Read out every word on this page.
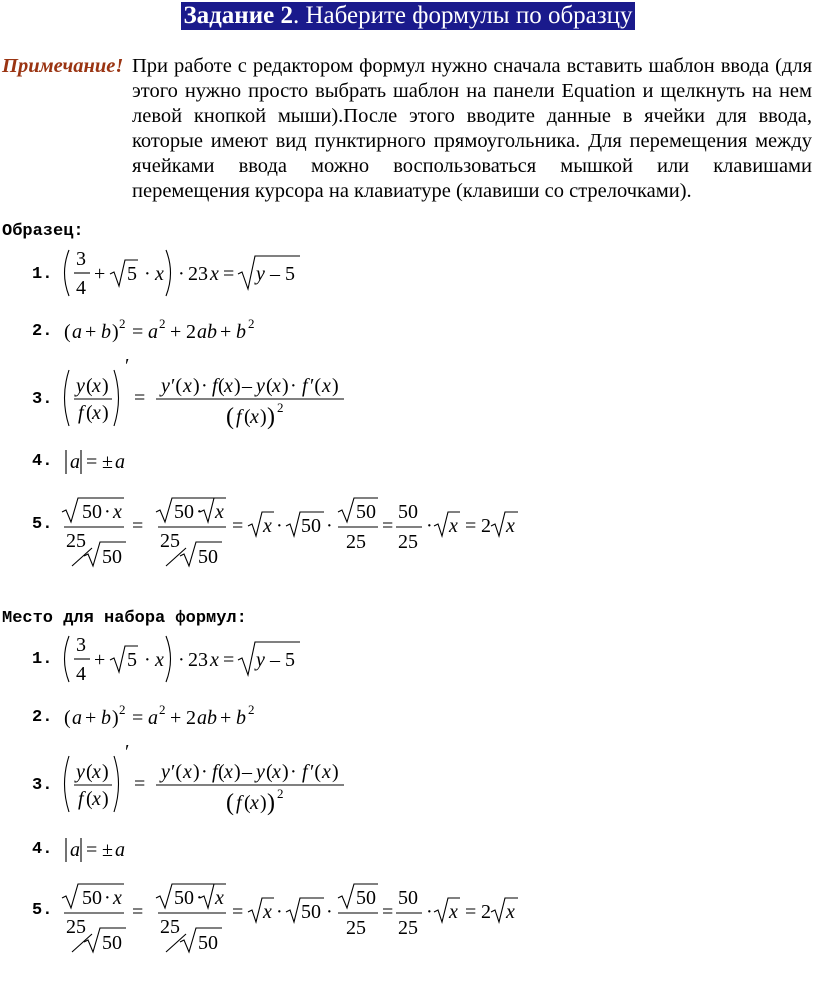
Задание 2. Наберите формулы по образцу
Примечание! При работе с редактором формул нужно сначала вставить шаблон ввода (для этого нужно просто выбрать шаблон на панели Equation и щелкнуть на нем левой кнопкой мыши).После этого вводите данные в ячейки для ввода, которые имеют вид пунктирного прямоугольника. Для перемещения между ячейками ввода можно воспользоваться мышкой или клавишами перемещения курсора на клавиатуре (клавиши со стрелочками).
Образец:
1.
3
4
+ 5 · x · 23 x = y – 5
2. ( a + b ) 2 = a 2 + 2 ab + b 2
3.
y ( x )
f ( x )
′
=
y ′( x ) · f ( x ) – y ( x ) · f ′( x )
( f ( x ) ) 2
4. a = ± a
5.
50 · x
25
50
=
50 · x
25
50
= x · 50 ·
50
25
=
50
25
· x = 2 x
Место для набора формул:
1.
3
4
+ 5 · x · 23 x = y – 5
2. ( a + b ) 2 = a 2 + 2 ab + b 2
3.
y ( x )
f ( x )
′
=
y ′( x ) · f ( x ) – y ( x ) · f ′( x )
( f ( x ) ) 2
4. a = ± a
5.
50 · x
25
50
=
50 · x
25
50
= x · 50 ·
50
25
=
50
25
· x = 2 x
